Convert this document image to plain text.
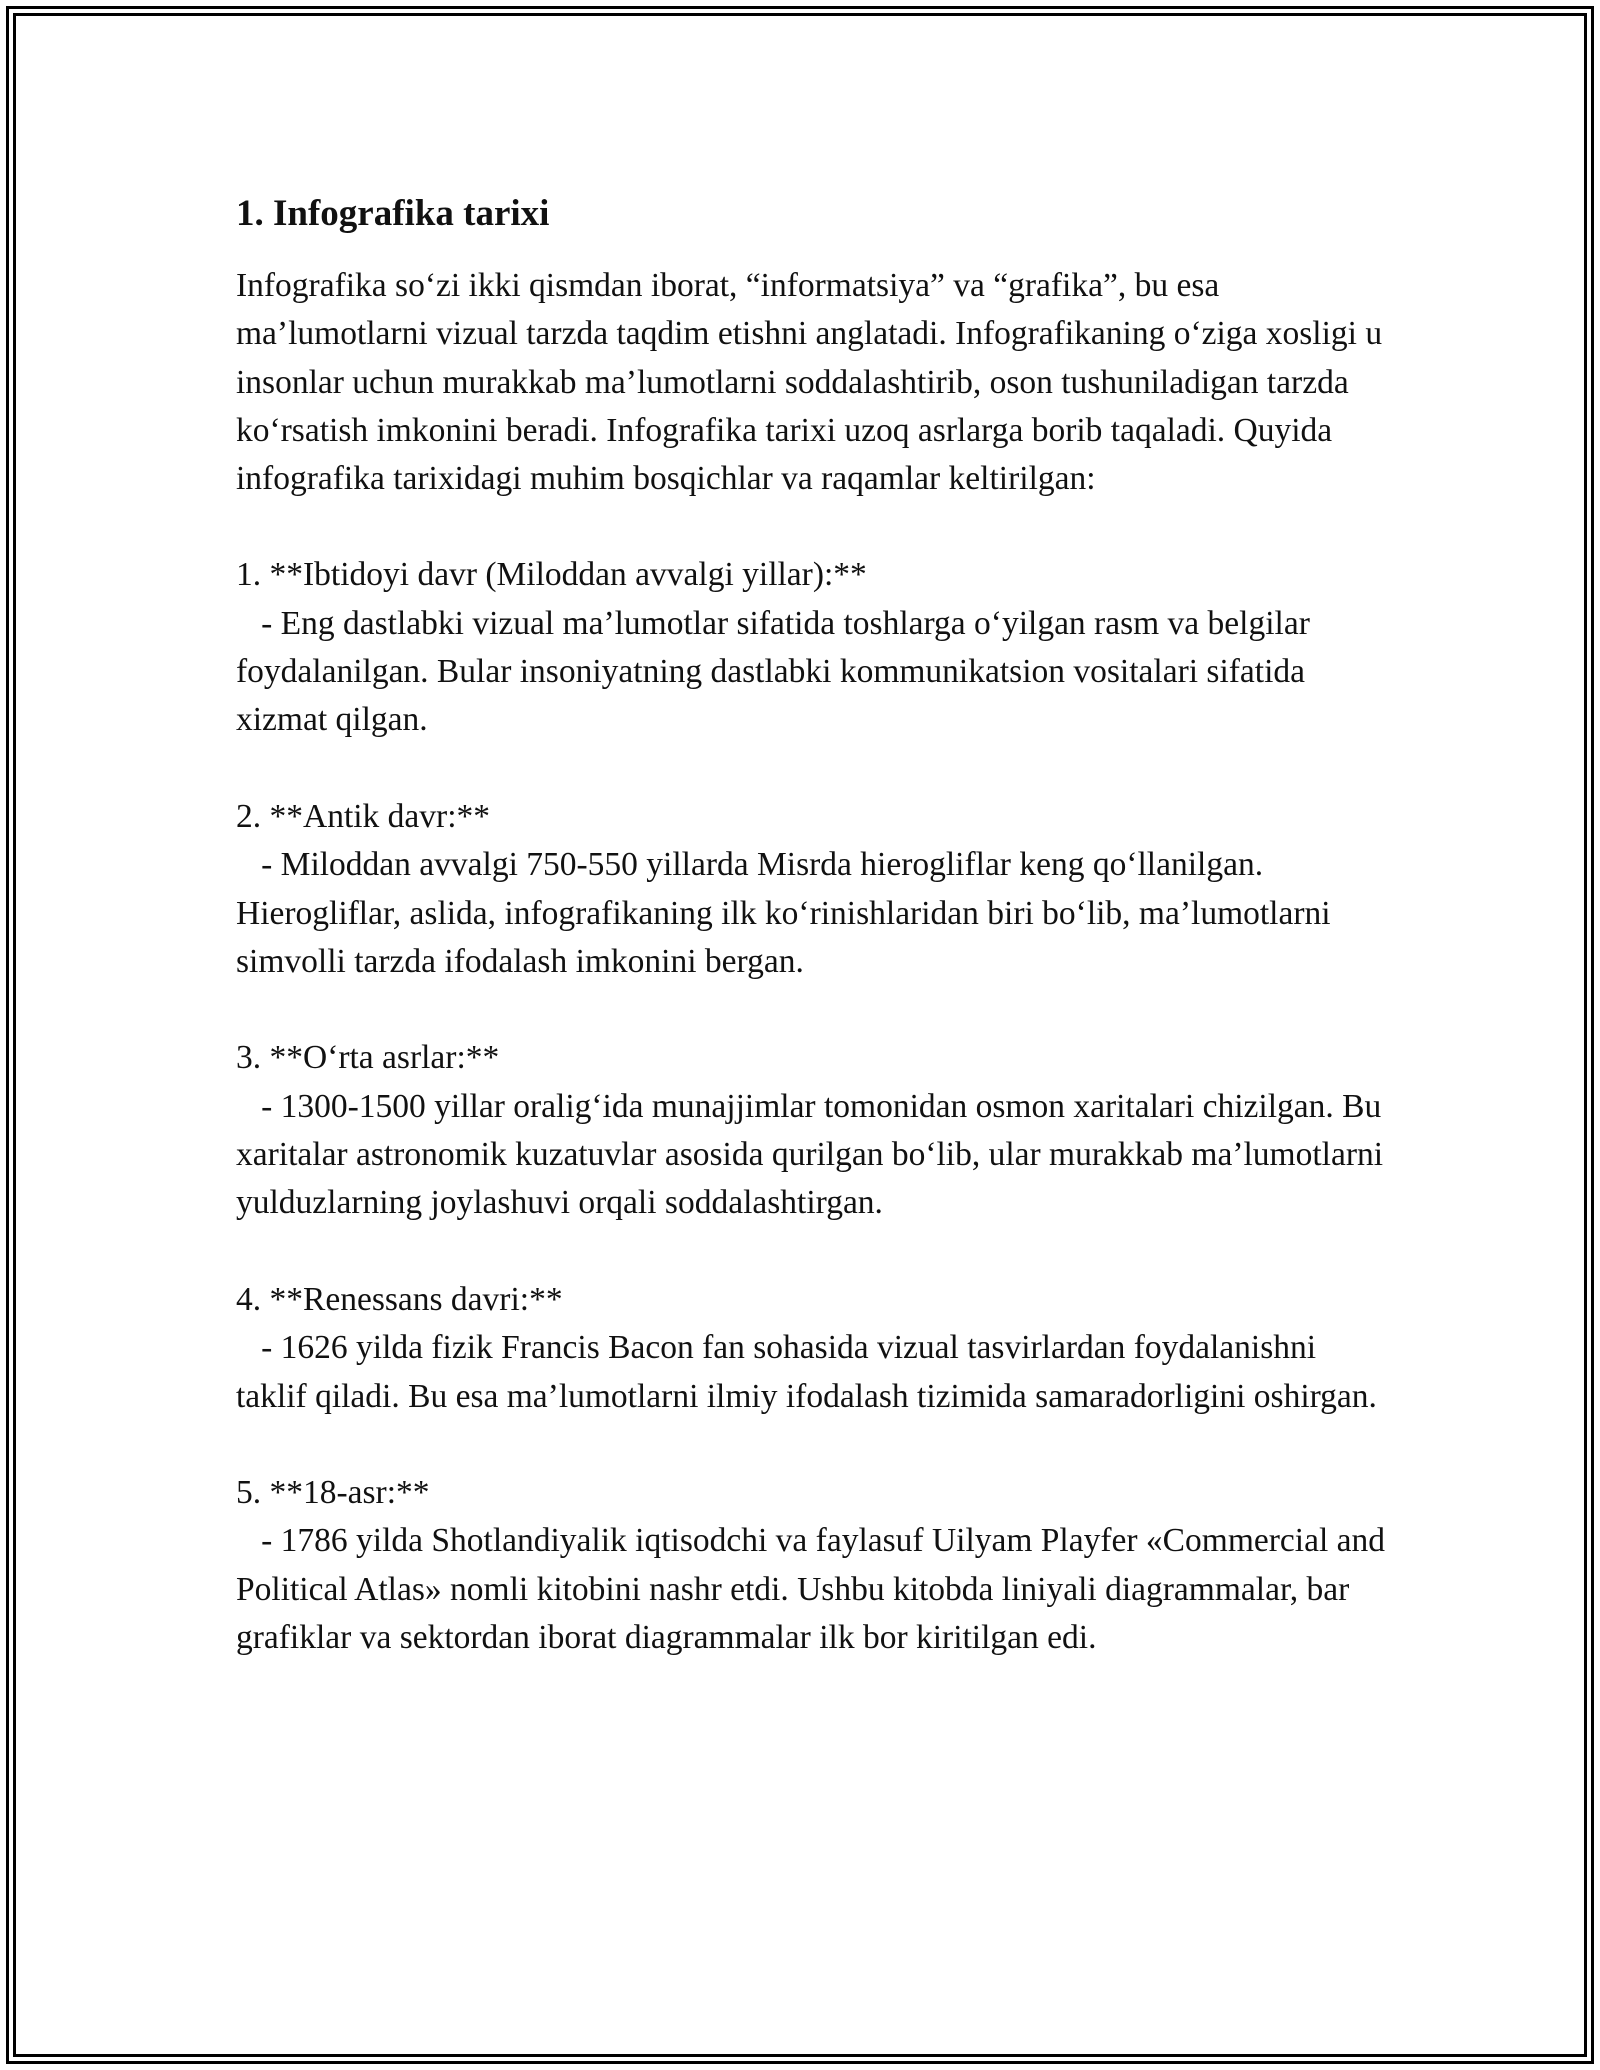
1. Infografika tarixi

Infografika so‘zi ikki qismdan iborat, “informatsiya” va “grafika”, bu esa ma’lumotlarni vizual tarzda taqdim etishni anglatadi. Infografikaning o‘ziga xosligi u insonlar uchun murakkab ma’lumotlarni soddalashtirib, oson tushuniladigan tarzda ko‘rsatish imkonini beradi. Infografika tarixi uzoq asrlarga borib taqaladi. Quyida infografika tarixidagi muhim bosqichlar va raqamlar keltirilgan:

1. **Ibtidoyi davr (Miloddan avvalgi yillar):**

- Eng dastlabki vizual ma’lumotlar sifatida toshlarga o‘yilgan rasm va belgilar foydalanilgan. Bular insoniyatning dastlabki kommunikatsion vositalari sifatida xizmat qilgan.

2. **Antik davr:**

- Miloddan avvalgi 750-550 yillarda Misrda hierogliflar keng qo‘llanilgan. Hierogliflar, aslida, infografikaning ilk ko‘rinishlaridan biri bo‘lib, ma’lumotlarni simvolli tarzda ifodalash imkonini bergan.

3. **O‘rta asrlar:**

- 1300-1500 yillar oralig‘ida munajjimlar tomonidan osmon xaritalari chizilgan. Bu xaritalar astronomik kuzatuvlar asosida qurilgan bo‘lib, ular murakkab ma’lumotlarni yulduzlarning joylashuvi orqali soddalashtirgan.

4. **Renessans davri:**

- 1626 yilda fizik Francis Bacon fan sohasida vizual tasvirlardan foydalanishni taklif qiladi. Bu esa ma’lumotlarni ilmiy ifodalash tizimida samaradorligini oshirgan.

5. **18-asr:**

- 1786 yilda Shotlandiyalik iqtisodchi va faylasuf Uilyam Playfer «Commercial and Political Atlas» nomli kitobini nashr etdi. Ushbu kitobda liniyali diagrammalar, bar grafiklar va sektordan iborat diagrammalar ilk bor kiritilgan edi.
